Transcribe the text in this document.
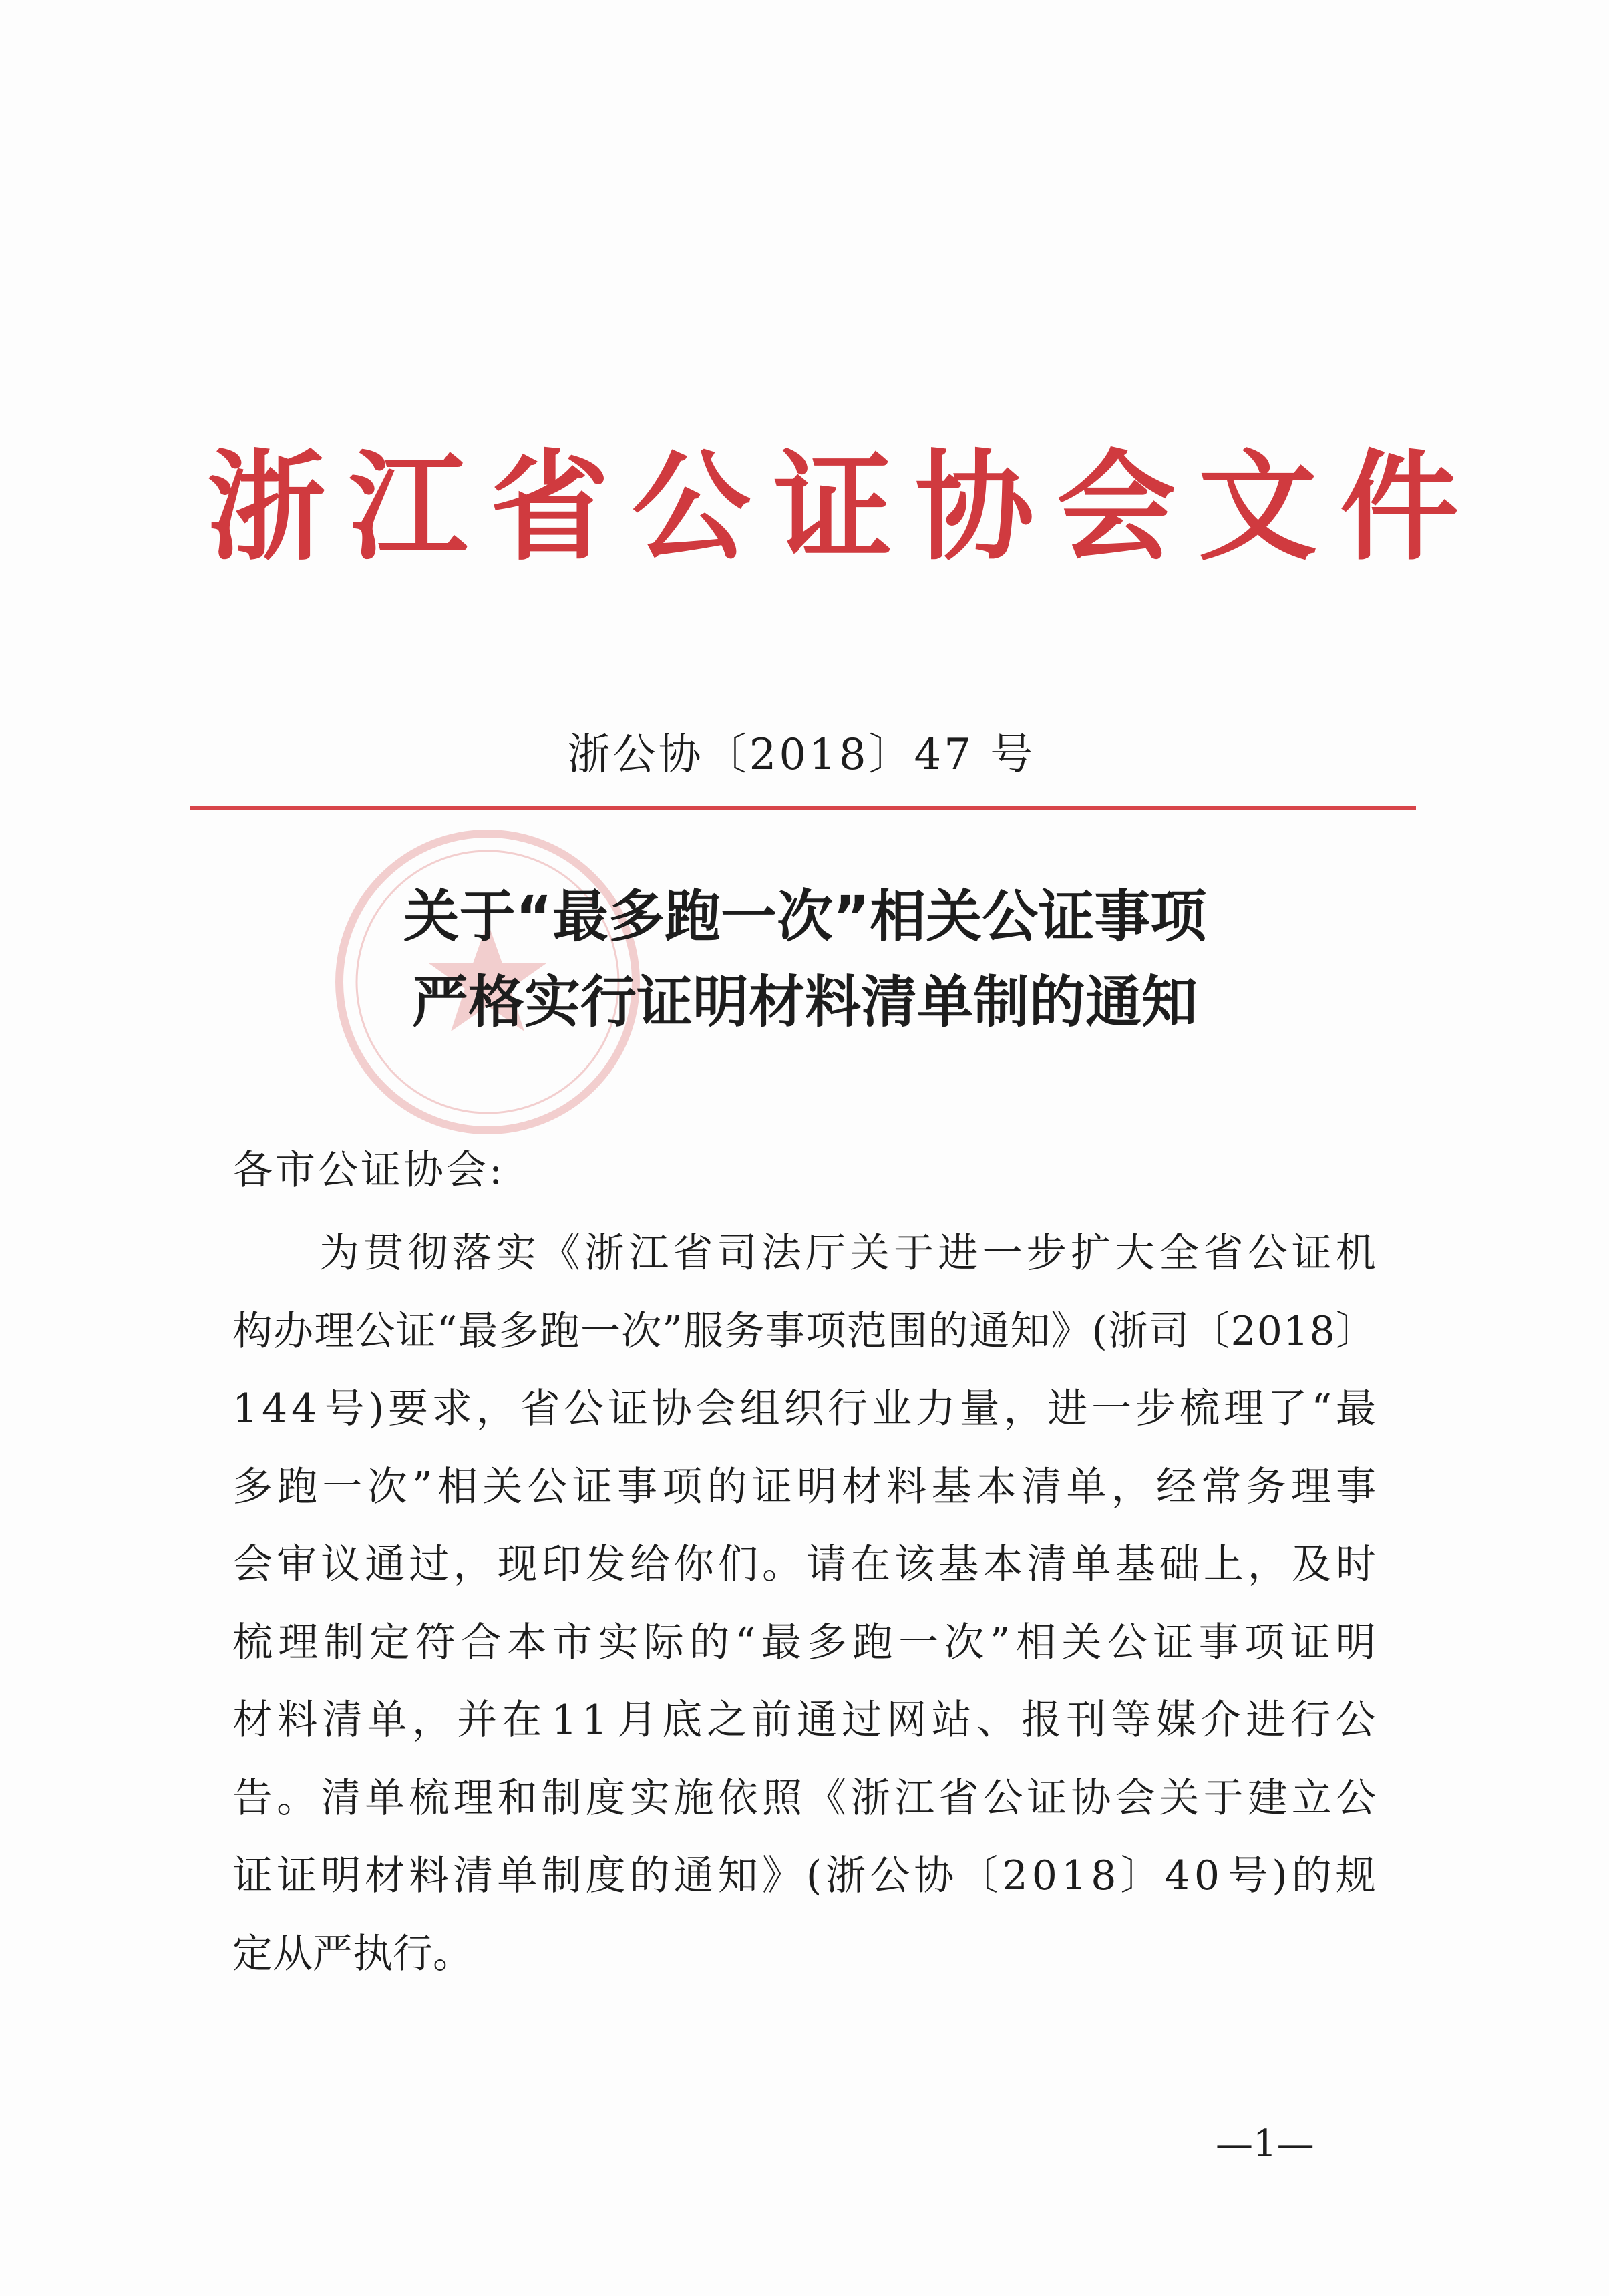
浙江省公证协会文件
浙公协〔2018〕47 号
关于“最多跑一次”相关公证事项
严格实行证明材料清单制的通知
各市公证协会:
为 贯 彻 落 实 《 浙 江 省 司 法 厅 关 于 进 一 步 扩 大 全 省 公 证 机
构 办 理 公 证 “ 最 多 跑 一 次 ” 服 务 事 项 范 围 的 通 知 》 ( 浙 司 〔 2 0 1 8 〕
1 4 4 号 ) 要 求 ， 省 公 证 协 会 组 织 行 业 力 量 ， 进 一 步 梳 理 了 “ 最
多 跑 一 次 ” 相 关 公 证 事 项 的 证 明 材 料 基 本 清 单 ， 经 常 务 理 事
会 审 议 通 过 ， 现 印 发 给 你 们 。 请 在 该 基 本 清 单 基 础 上 ， 及 时
梳 理 制 定 符 合 本 市 实 际 的 “ 最 多 跑 一 次 ” 相 关 公 证 事 项 证 明
材 料 清 单 ， 并 在 1 1 月 底 之 前 通 过 网 站 、 报 刊 等 媒 介 进 行 公
告 。 清 单 梳 理 和 制 度 实 施 依 照 《 浙 江 省 公 证 协 会 关 于 建 立 公
证 证 明 材 料 清 单 制 度 的 通 知 》 ( 浙 公 协 〔 2 0 1 8 〕 4 0 号 ) 的 规
定从严执行。
—1—
